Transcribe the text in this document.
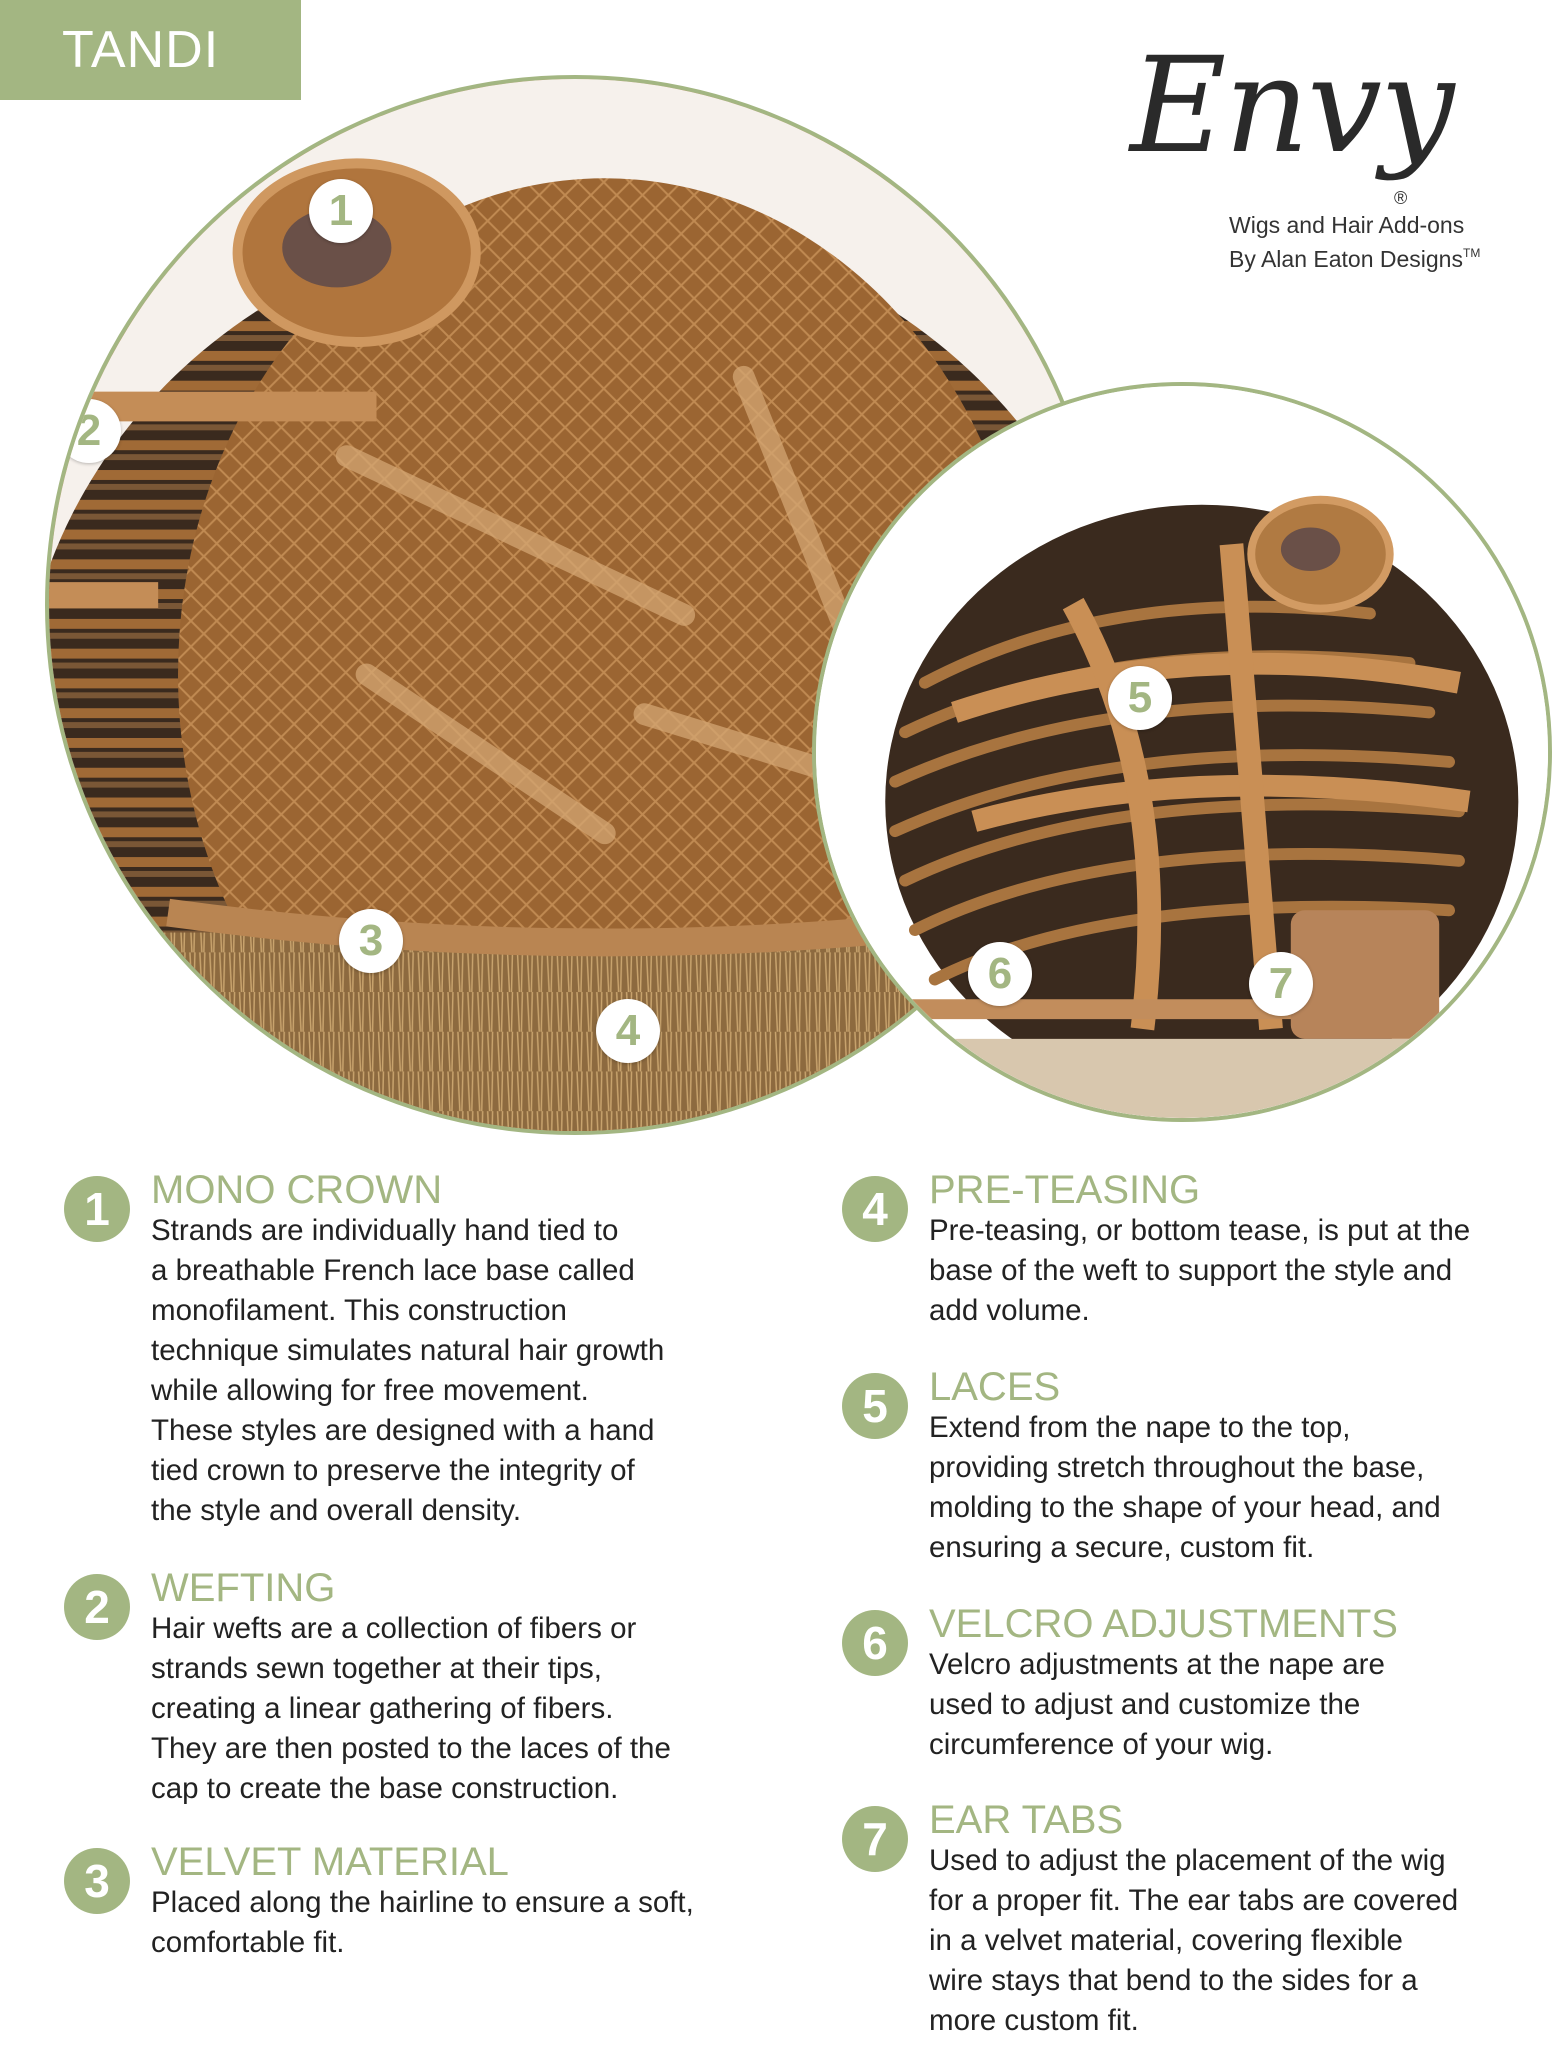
TANDI	Envy
®
Wigs and Hair Add-ons
By Alan Eaton Designs™
1
2
3
4
5
6	7
1	MONO CROWN
Strands are individually hand tied to
a breathable French lace base called
monofilament. This construction
technique simulates natural hair growth
while allowing for free movement.
These styles are designed with a hand
tied crown to preserve the integrity of
the style and overall density.
2	WEFTING
Hair wefts are a collection of fibers or
strands sewn together at their tips,
creating a linear gathering of fibers.
They are then posted to the laces of the
cap to create the base construction.
3	VELVET MATERIAL
Placed along the hairline to ensure a soft,
comfortable fit.
4	PRE-TEASING
Pre-teasing, or bottom tease, is put at the
base of the weft to support the style and
add volume.
5	LACES
Extend from the nape to the top,
providing stretch throughout the base,
molding to the shape of your head, and
ensuring a secure, custom fit.
6	VELCRO ADJUSTMENTS
Velcro adjustments at the nape are
used to adjust and customize the
circumference of your wig.
7	EAR TABS
Used to adjust the placement of the wig
for a proper fit. The ear tabs are covered
in a velvet material, covering flexible
wire stays that bend to the sides for a
more custom fit.
